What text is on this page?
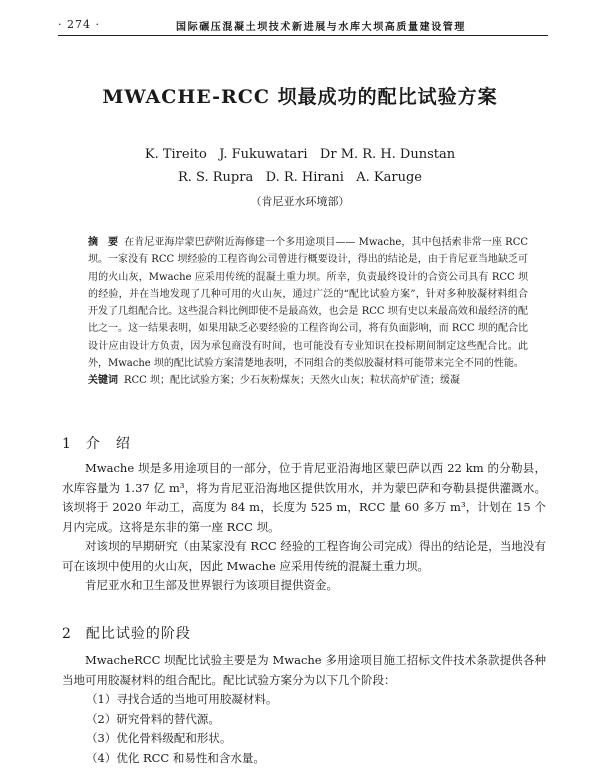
· 274 ·	国际碾压混凝土坝技术新进展与水库大坝高质量建设管理
MWACHE-RCC 坝最成功的配比试验方案
K. Tireito   J. Fukuwatari   Dr M. R. H. Dunstan
R. S. Rupra   D. R. Hirani   A. Karuge
（肯尼亚水环境部）

摘　要 在肯尼亚海岸蒙巴萨附近海修建一个多用途项目—— Mwache，其中包括索非常一座 RCC 坝。一家没有 RCC 坝经验的工程咨询公司曾进行概要设计，得出的结论是，由于肯尼亚当地缺乏可用的火山灰，Mwache 应采用传统的混凝土重力坝。所幸，负责最终设计的合资公司具有 RCC 坝的经验，并在当地发现了几种可用的火山灰，通过广泛的“配比试验方案”，针对多种胶凝材料组合开发了几组配合比。这些混合料比例即使不是最高效，也会是 RCC 坝有史以来最高效和最经济的配比之一。这一结果表明，如果用缺乏必要经验的工程咨询公司，将有负面影响，而 RCC 坝的配合比设计应由设计方负责，因为承包商没有时间，也可能没有专业知识在投标期间制定这些配合比。此外，Mwache 坝的配比试验方案清楚地表明，不同组合的类似胶凝材料可能带来完全不同的性能。

关键词 RCC 坝；配比试验方案；少石灰粉煤灰；天然火山灰；粒状高炉矿渣；缓凝

1 介　绍

Mwache 坝是多用途项目的一部分，位于肯尼亚沿海地区蒙巴萨以西 22 km 的分勒县，水库容量为 1.37 亿 m³，将为肯尼亚沿海地区提供饮用水，并为蒙巴萨和夸勒县提供灌溉水。该坝将于 2020 年动工，高度为 84 m，长度为 525 m，RCC 量 60 多万 m³，计划在 15 个月内完成。这将是东非的第一座 RCC 坝。

对该坝的早期研究（由某家没有 RCC 经验的工程咨询公司完成）得出的结论是，当地没有可在该坝中使用的火山灰，因此 Mwache 应采用传统的混凝土重力坝。

肯尼亚水和卫生部及世界银行为该项目提供资金。

2 配比试验的阶段

MwacheRCC 坝配比试验主要是为 Mwache 多用途项目施工招标文件技术条款提供各种当地可用胶凝材料的组合配比。配比试验方案分为以下几个阶段：

（1）寻找合适的当地可用胶凝材料。

（2）研究骨料的替代源。

（3）优化骨料级配和形状。

（4）优化 RCC 和易性和含水量。
